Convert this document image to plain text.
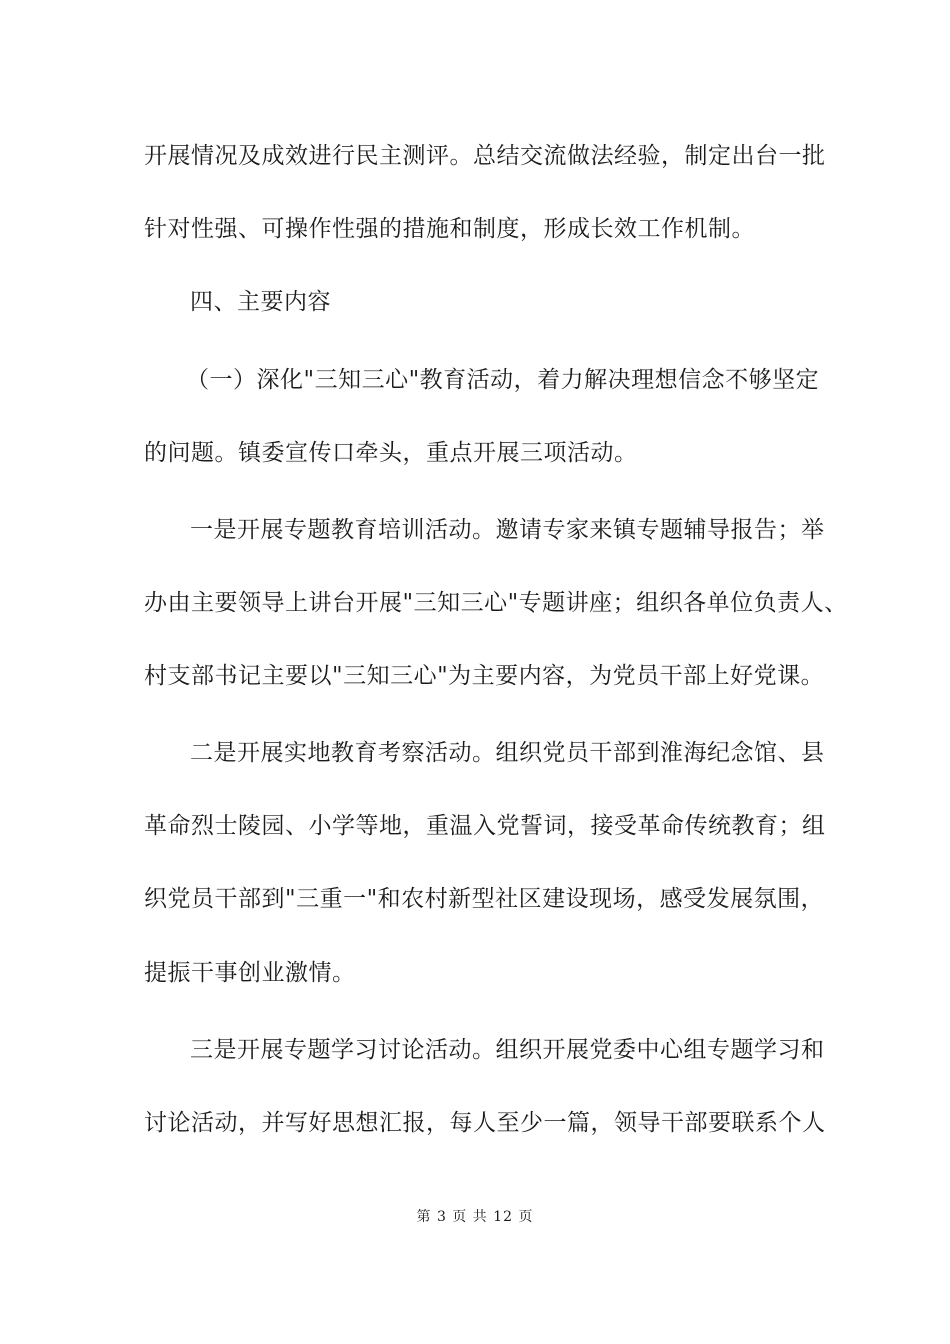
开展情况及成效进行民主测评。总结交流做法经验，制定出台一批
针对性强、可操作性强的措施和制度，形成长效工作机制。
四、主要内容
（一）深化"三知三心"教育活动，着力解决理想信念不够坚定
的问题。镇委宣传口牵头，重点开展三项活动。
一是开展专题教育培训活动。邀请专家来镇专题辅导报告；举
办由主要领导上讲台开展"三知三心"专题讲座；组织各单位负责人、
村支部书记主要以"三知三心"为主要内容，为党员干部上好党课。
二是开展实地教育考察活动。组织党员干部到淮海纪念馆、县
革命烈士陵园、小学等地，重温入党誓词，接受革命传统教育；组
织党员干部到"三重一"和农村新型社区建设现场，感受发展氛围，
提振干事创业激情。
三是开展专题学习讨论活动。组织开展党委中心组专题学习和
讨论活动，并写好思想汇报，每人至少一篇，领导干部要联系个人
第 3 页 共 12 页
